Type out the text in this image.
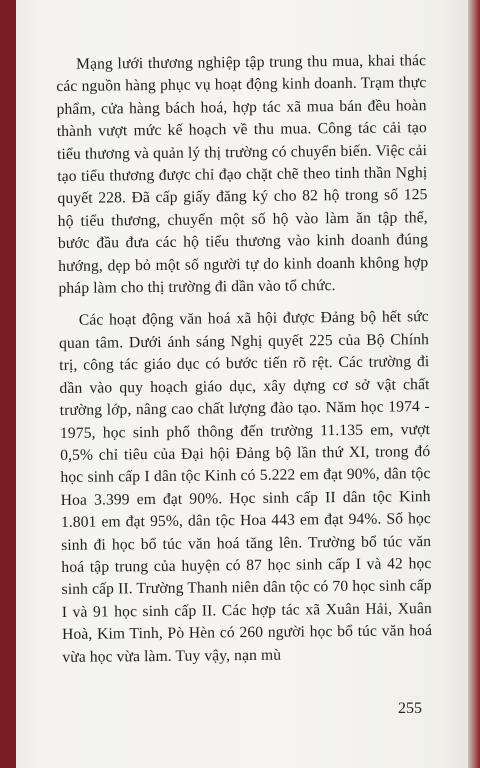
Mạng lưới thương nghiệp tập trung thu mua, khai thác các nguồn hàng phục vụ hoạt động kinh doanh. Trạm thực phẩm, cửa hàng bách hoá, hợp tác xã mua bán đều hoàn thành vượt mức kế hoạch về thu mua. Công tác cải tạo tiểu thương và quản lý thị trường có chuyển biến. Việc cải tạo tiểu thương được chỉ đạo chặt chẽ theo tinh thần Nghị quyết 228. Đã cấp giấy đăng ký cho 82 hộ trong số 125 hộ tiểu thương, chuyển một số hộ vào làm ăn tập thể, bước đầu đưa các hộ tiểu thương vào kinh doanh đúng hướng, dẹp bỏ một số người tự do kinh doanh không hợp pháp làm cho thị trường đi dần vào tổ chức.

Các hoạt động văn hoá xã hội được Đảng bộ hết sức quan tâm. Dưới ánh sáng Nghị quyết 225 của Bộ Chính trị, công tác giáo dục có bước tiến rõ rệt. Các trường đi dần vào quy hoạch giáo dục, xây dựng cơ sở vật chất trường lớp, nâng cao chất lượng đào tạo. Năm học 1974 - 1975, học sinh phổ thông đến trường 11.135 em, vượt 0,5% chỉ tiêu của Đại hội Đảng bộ lần thứ XI, trong đó học sinh cấp I dân tộc Kinh có 5.222 em đạt 90%, dân tộc Hoa 3.399 em đạt 90%. Học sinh cấp II dân tộc Kinh 1.801 em đạt 95%, dân tộc Hoa 443 em đạt 94%. Số học sinh đi học bổ túc văn hoá tăng lên. Trường bổ túc văn hoá tập trung của huyện có 87 học sinh cấp I và 42 học sinh cấp II. Trường Thanh niên dân tộc có 70 học sinh cấp I và 91 học sinh cấp II. Các hợp tác xã Xuân Hải, Xuân Hoà, Kim Tinh, Pò Hèn có 260 người học bổ túc văn hoá vừa học vừa làm. Tuy vậy, nạn mù

255
